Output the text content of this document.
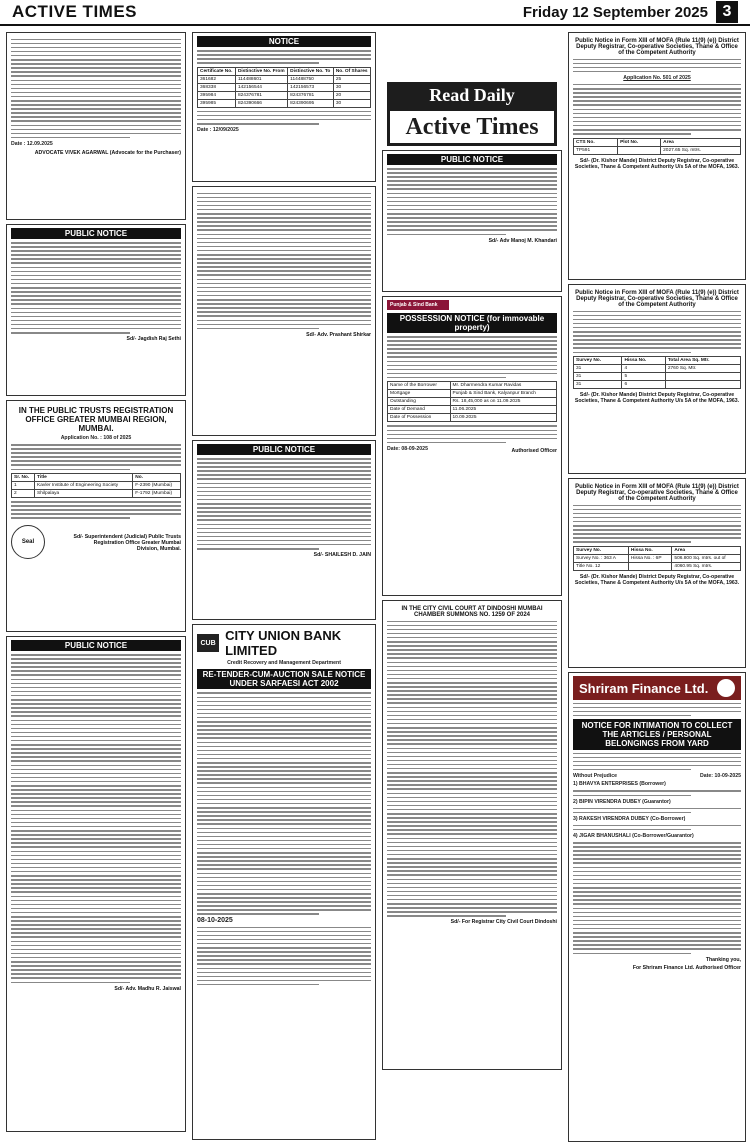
ACTIVE TIMES	Friday 12 September 2025 3
Date : 12.09.2025
ADVOCATE VIVEK AGARWAL (Advocate for the Purchaser)
PUBLIC NOTICE
Sd/- Jagdish Raj Sethi
IN THE PUBLIC TRUSTS REGISTRATION OFFICE GREATER MUMBAI REGION, MUMBAI.
Application No. : 108 of 2025
Sr. No.	Title	No.
1	Kavler Institute of Engineering Society	F-2390 (Mumbai)
2	Shilpalaya	F-1792 (Mumbai)
Seal
Sd/- Superintendent (Judicial) Public Trusts Registration Office Greater Mumbai Division, Mumbai.
PUBLIC NOTICE
Sd/- Adv. Madhu R. Jaiswal
NOTICE
Certificate No.	Distinctive No. From	Distinctive No. To	No. Of Shares
361682	114488601	114488750	25
368338	142156544	142156573	30
395984	824376781	824376781	20
395985	824390666	824390695	30
Date : 12/09/2025
Sd/- Adv. Prashant Shirkar
PUBLIC NOTICE
Sd/- SHAILESH D. JAIN
CUB CITY UNION BANK LIMITED
Credit Recovery and Management Department
RE-TENDER-CUM-AUCTION SALE NOTICE UNDER SARFAESI ACT 2002
08-10-2025
Read Daily
Active Times
PUBLIC NOTICE
Sd/- Adv Manoj M. Khandari
Punjab & Sind Bank
POSSESSION NOTICE (for immovable property)
Name of the Borrower	Mr. Dharmendra Kumar Ravidas
Mortgage	Punjab & Sind Bank, Kalyanpur Branch
Outstanding	Rs. 18,45,000 as on 11.09.2025
Date of Demand	11.06.2025
Date of Possession	10.09.2025
Date: 08-09-2025	Authorised Officer
IN THE CITY CIVIL COURT AT DINDOSHI MUMBAI CHAMBER SUMMONS NO. 1259 OF 2024
Sd/- For Registrar City Civil Court Dindoshi
Public Notice in Form XIII of MOFA (Rule 11(9) (e)) District Deputy Registrar, Co-operative Societies, Thane & Office of the Competent Authority
Application No. 501 of 2025
CTS No.	Plot No.	Area
TP591		2027.65 Sq. mtrs.
Sd/- (Dr. Kishor Mande) District Deputy Registrar, Co-operative Societies, Thane & Competent Authority U/s 5A of the MOFA, 1963.
Public Notice in Form XIII of MOFA (Rule 11(9) (e)) District Deputy Registrar, Co-operative Societies, Thane & Office of the Competent Authority
Survey No.	Hissa No.	Total Area Sq. Mtr.
31	4	2760 Sq. Mtr.
31	5	
31	6	
Sd/- (Dr. Kishor Mande) District Deputy Registrar, Co-operative Societies, Thane & Competent Authority U/s 5A of the MOFA, 1963.
Public Notice in Form XIII of MOFA (Rule 11(9) (e)) District Deputy Registrar, Co-operative Societies, Thane & Office of the Competent Authority
Survey No.	Hissa No.	Area
Survey No. : 363 A	Hissa No. : 6P	506.800 Sq. mtrs. out of
Title No. 12		4060.95 Sq. mtrs.
Sd/- (Dr. Kishor Mande) District Deputy Registrar, Co-operative Societies, Thane & Competent Authority U/s 5A of the MOFA, 1963.
Shriram Finance Ltd.
NOTICE FOR INTIMATION TO COLLECT THE ARTICLES / PERSONAL BELONGINGS FROM YARD
Without Prejudice	Date: 10-09-2025
1) BHAVYA ENTERPRISES (Borrower)
2) BIPIN VIRENDRA DUBEY (Guarantor)
3) RAKESH VIRENDRA DUBEY (Co-Borrower)
4) JIGAR BHANUSHALI (Co-Borrower/Guarantor)
Thanking you,
For Shriram Finance Ltd. Authorised Officer
